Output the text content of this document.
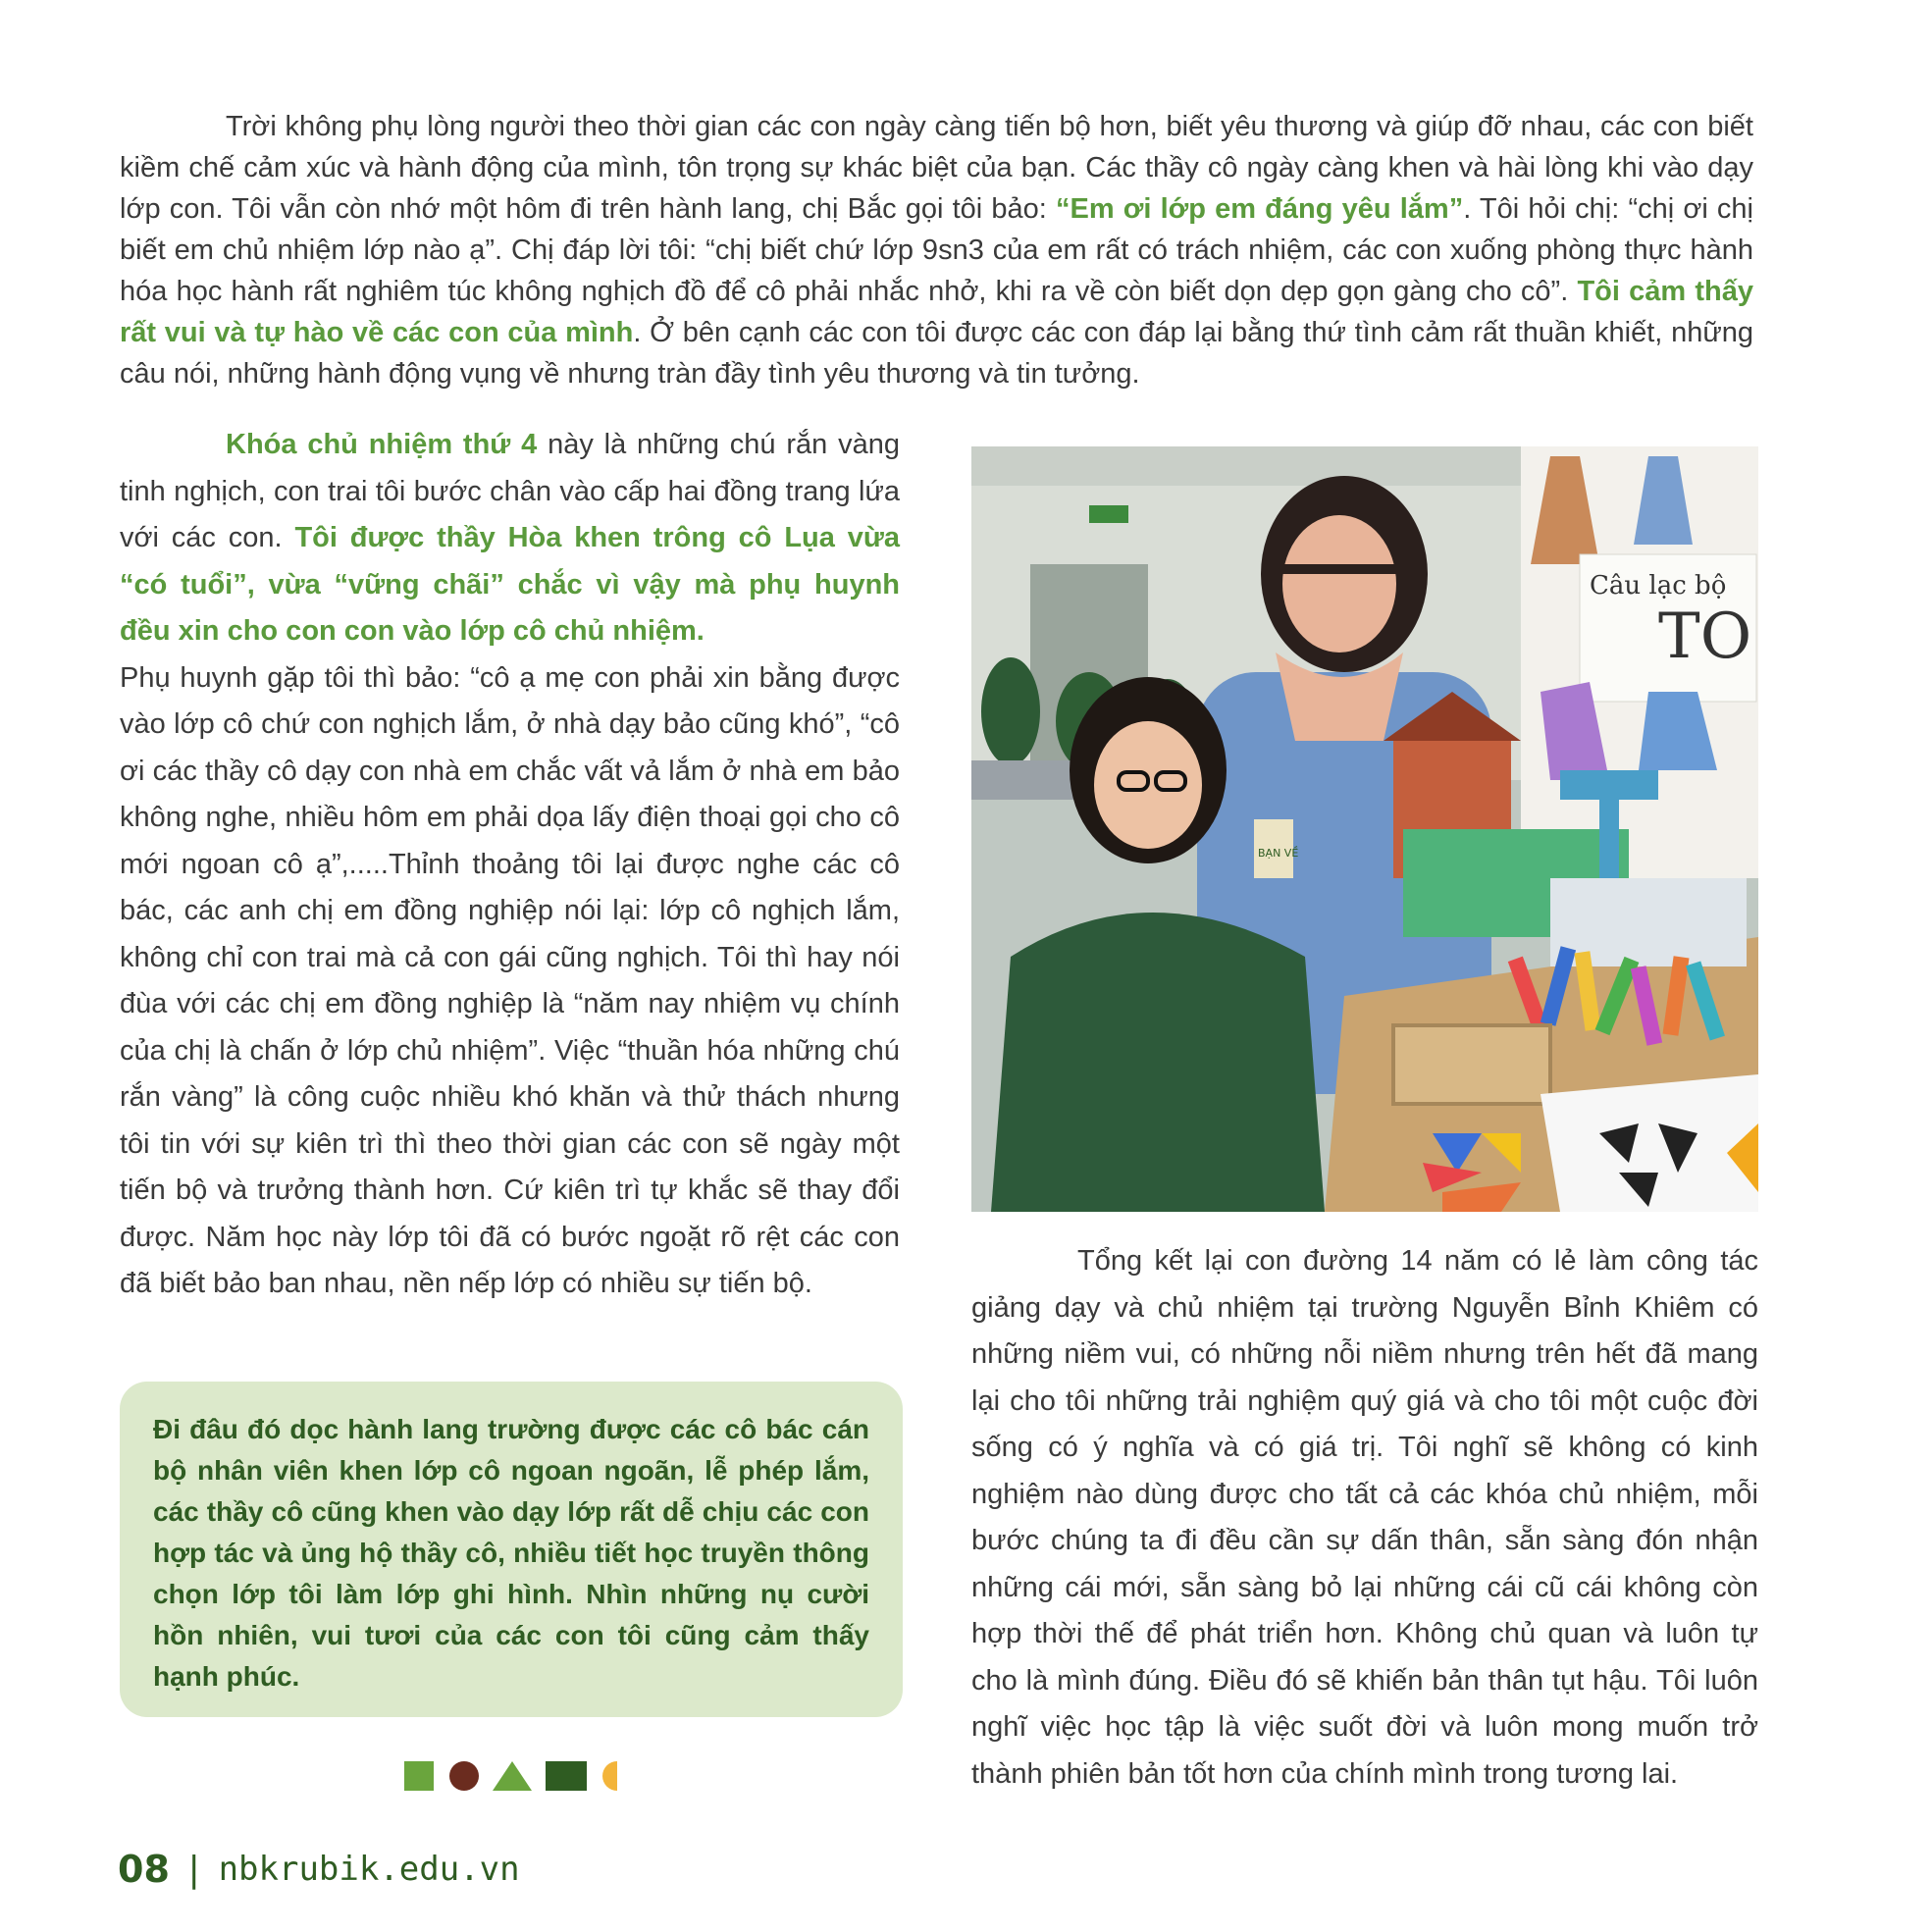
Trời không phụ lòng người theo thời gian các con ngày càng tiến bộ hơn, biết yêu thương và giúp đỡ nhau, các con biết kiềm chế cảm xúc và hành động của mình, tôn trọng sự khác biệt của bạn. Các thầy cô ngày càng khen và hài lòng khi vào dạy lớp con. Tôi vẫn còn nhớ một hôm đi trên hành lang, chị Bắc gọi tôi bảo: “Em ơi lớp em đáng yêu lắm”. Tôi hỏi chị: “chị ơi chị biết em chủ nhiệm lớp nào ạ”. Chị đáp lời tôi: “chị biết chứ lớp 9sn3 của em rất có trách nhiệm, các con xuống phòng thực hành hóa học hành rất nghiêm túc không nghịch đồ để cô phải nhắc nhở, khi ra về còn biết dọn dẹp gọn gàng cho cô”. Tôi cảm thấy rất vui và tự hào về các con của mình. Ở bên cạnh các con tôi được các con đáp lại bằng thứ tình cảm rất thuần khiết, những câu nói, những hành động vụng về nhưng tràn đầy tình yêu thương và tin tưởng.

Khóa chủ nhiệm thứ 4 này là những chú rắn vàng tinh nghịch, con trai tôi bước chân vào cấp hai đồng trang lứa với các con. Tôi được thầy Hòa khen trông cô Lụa vừa “có tuổi”, vừa “vững chãi” chắc vì vậy mà phụ huynh đều xin cho con con vào lớp cô chủ nhiệm.

Phụ huynh gặp tôi thì bảo: “cô ạ mẹ con phải xin bằng được vào lớp cô chứ con nghịch lắm, ở nhà dạy bảo cũng khó”, “cô ơi các thầy cô dạy con nhà em chắc vất vả lắm ở nhà em bảo không nghe, nhiều hôm em phải dọa lấy điện thoại gọi cho cô mới ngoan cô ạ”,.....Thỉnh thoảng tôi lại được nghe các cô bác, các anh chị em đồng nghiệp nói lại: lớp cô nghịch lắm, không chỉ con trai mà cả con gái cũng nghịch. Tôi thì hay nói đùa với các chị em đồng nghiệp là “năm nay nhiệm vụ chính của chị là chấn ở lớp chủ nhiệm”. Việc “thuần hóa những chú rắn vàng” là công cuộc nhiều khó khăn và thử thách nhưng tôi tin với sự kiên trì thì theo thời gian các con sẽ ngày một tiến bộ và trưởng thành hơn. Cứ kiên trì tự khắc sẽ thay đổi được. Năm học này lớp tôi đã có bước ngoặt rõ rệt các con đã biết bảo ban nhau, nền nếp lớp có nhiều sự tiến bộ.

Đi đâu đó dọc hành lang trường được các cô bác cán bộ nhân viên khen lớp cô ngoan ngoãn, lễ phép lắm, các thầy cô cũng khen vào dạy lớp rất dễ chịu các con hợp tác và ủng hộ thầy cô, nhiều tiết học truyền thông chọn lớp tôi làm lớp ghi hình. Nhìn những nụ cười hồn nhiên, vui tươi của các con tôi cũng cảm thấy hạnh phúc.

Câu lạc bộ
TO
BẠN VỀ

Tổng kết lại con đường 14 năm có lẻ làm công tác giảng dạy và chủ nhiệm tại trường Nguyễn Bỉnh Khiêm có những niềm vui, có những nỗi niềm nhưng trên hết đã mang lại cho tôi những trải nghiệm quý giá và cho tôi một cuộc đời sống có ý nghĩa và có giá trị. Tôi nghĩ sẽ không có kinh nghiệm nào dùng được cho tất cả các khóa chủ nhiệm, mỗi bước chúng ta đi đều cần sự dấn thân, sẵn sàng đón nhận những cái mới, sẵn sàng bỏ lại những cái cũ cái không còn hợp thời thế để phát triển hơn. Không chủ quan và luôn tự cho là mình đúng. Điều đó sẽ khiến bản thân tụt hậu. Tôi luôn nghĩ việc học tập là việc suốt đời và luôn mong muốn trở thành phiên bản tốt hơn của chính mình trong tương lai.

08 | nbkrubik.edu.vn
